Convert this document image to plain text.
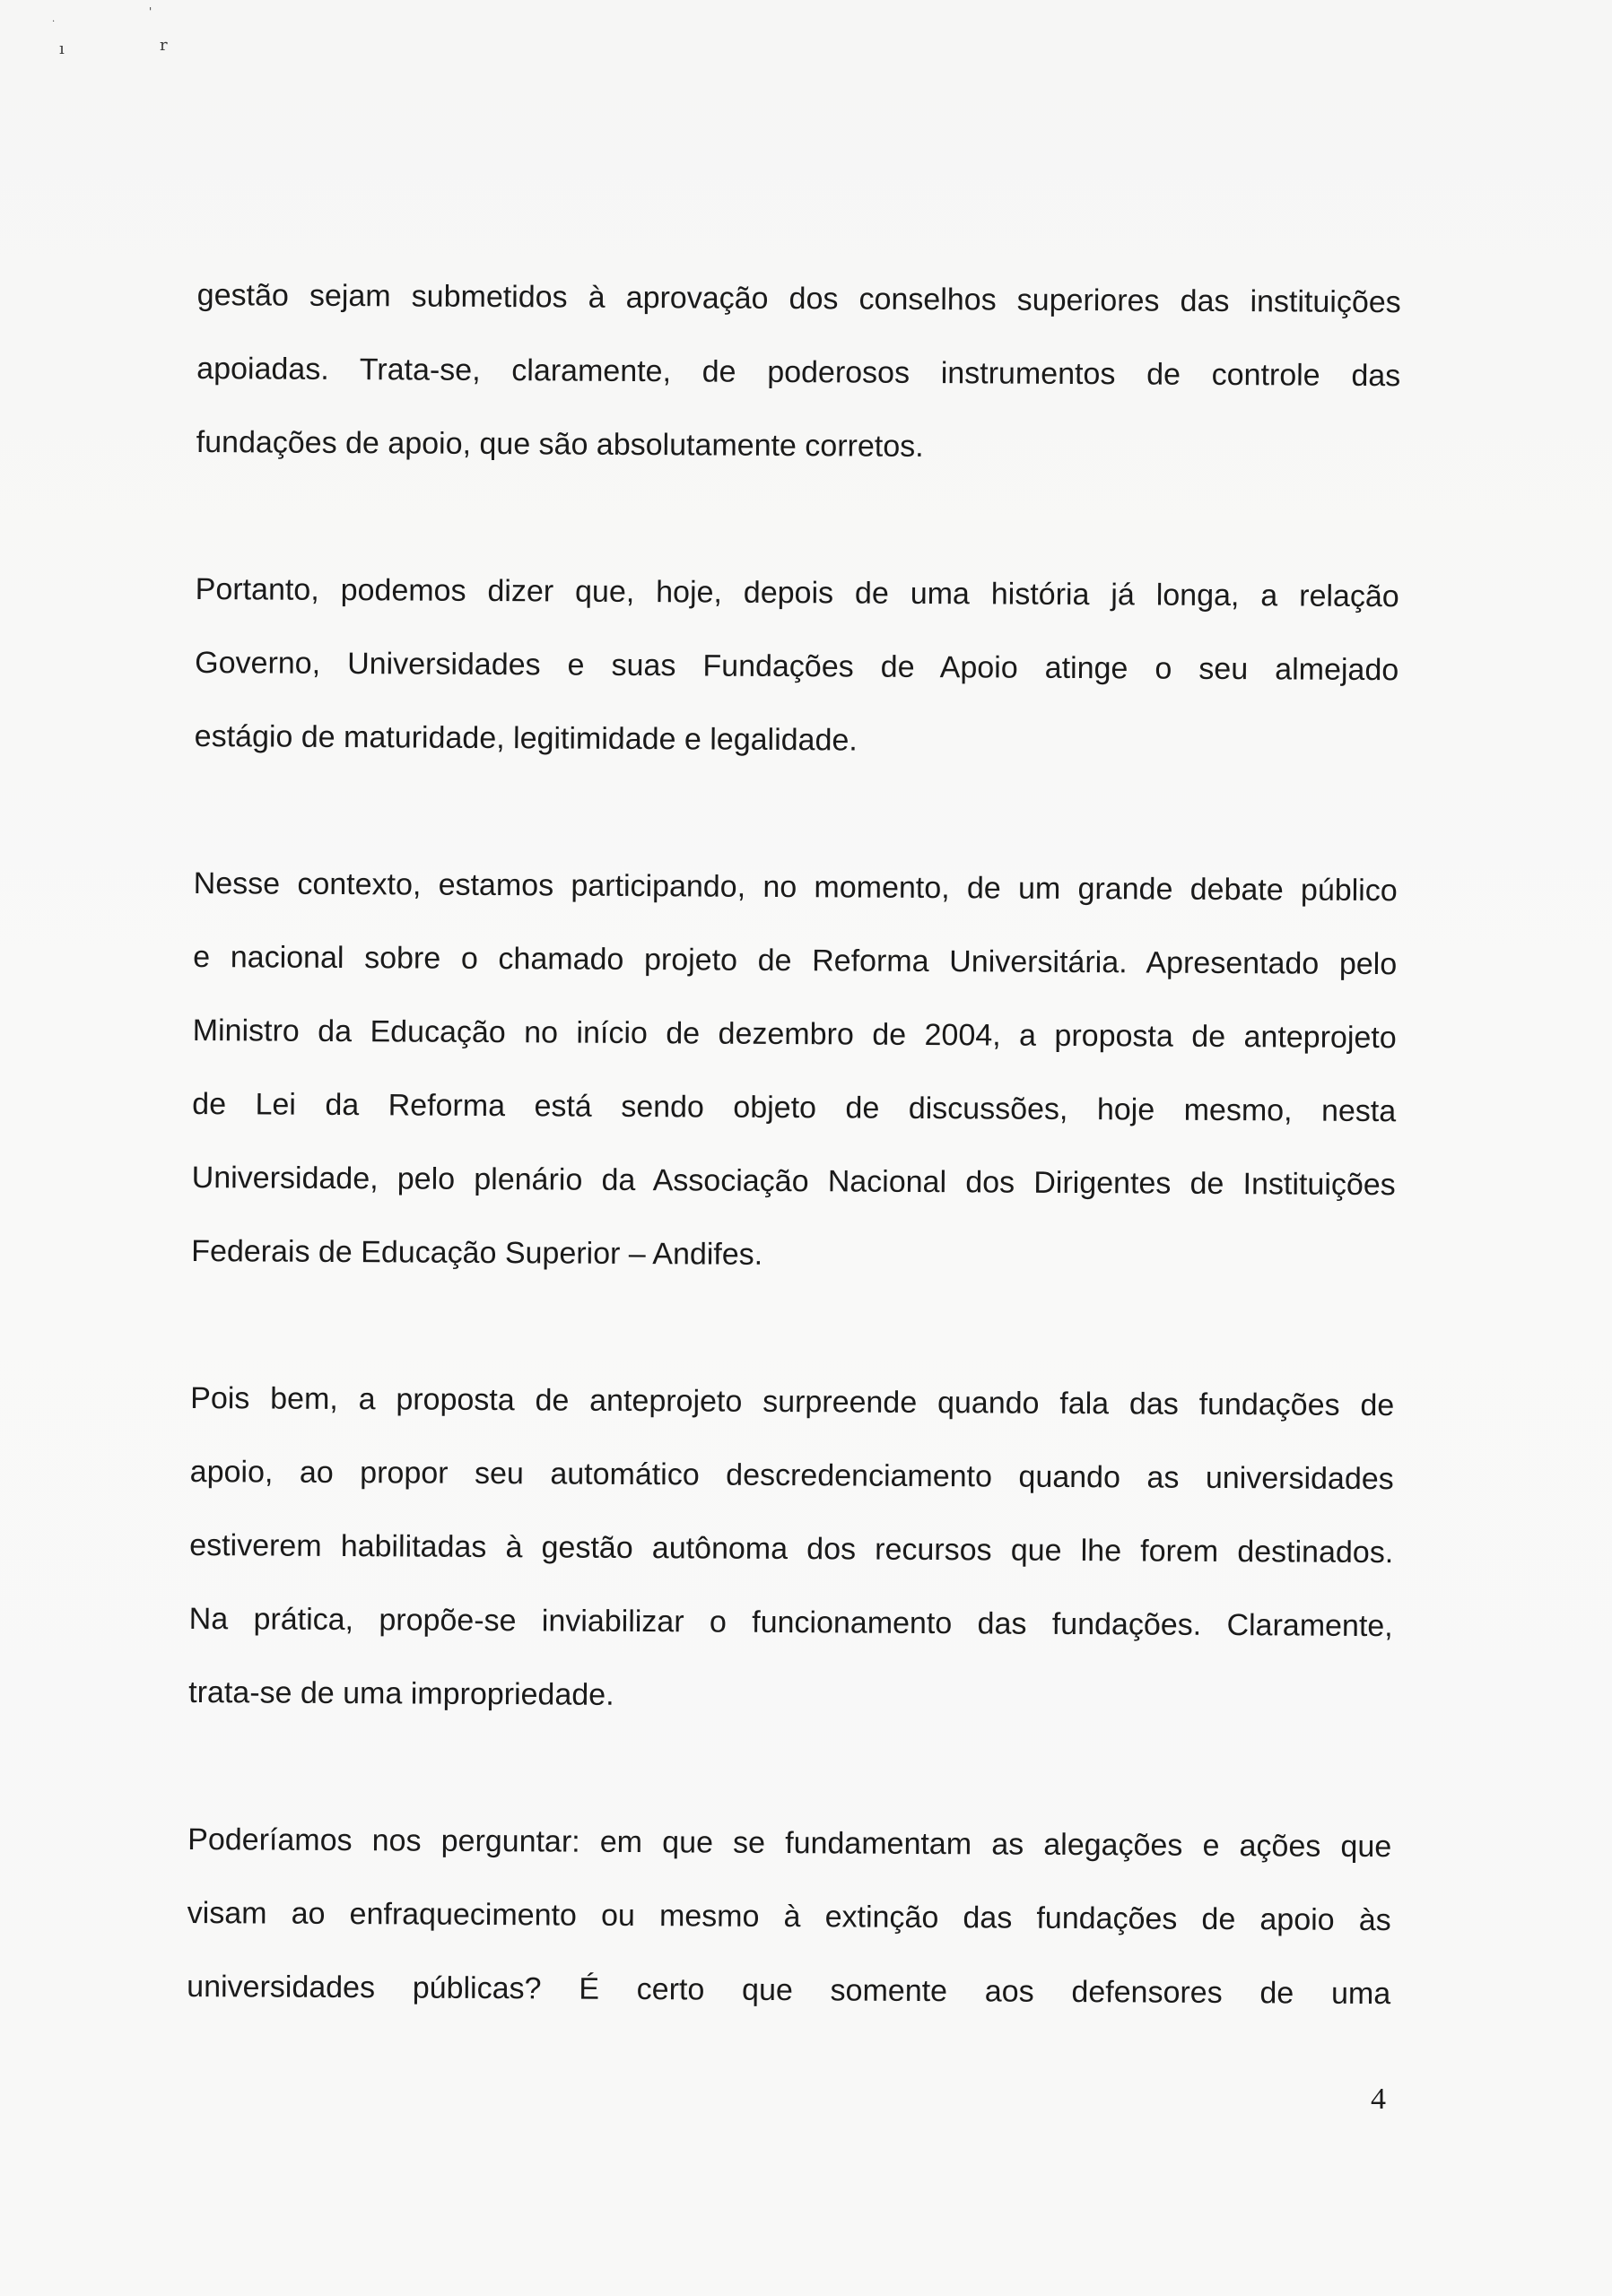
.
'
ı	r

gestão sejam submetidos à aprovação dos conselhos superiores das instituições
apoiadas. Trata-se, claramente, de poderosos instrumentos de controle das
fundações de apoio, que são absolutamente corretos.

Portanto, podemos dizer que, hoje, depois de uma história já longa, a relação
Governo, Universidades e suas Fundações de Apoio atinge o seu almejado
estágio de maturidade, legitimidade e legalidade.

Nesse contexto, estamos participando, no momento, de um grande debate público
e nacional sobre o chamado projeto de Reforma Universitária. Apresentado pelo
Ministro da Educação no início de dezembro de 2004, a proposta de anteprojeto
de Lei da Reforma está sendo objeto de discussões, hoje mesmo, nesta
Universidade, pelo plenário da Associação Nacional dos Dirigentes de Instituições
Federais de Educação Superior – Andifes.

Pois bem, a proposta de anteprojeto surpreende quando fala das fundações de
apoio, ao propor seu automático descredenciamento quando as universidades
estiverem habilitadas à gestão autônoma dos recursos que lhe forem destinados.
Na prática, propõe-se inviabilizar o funcionamento das fundações. Claramente,
trata-se de uma impropriedade.

Poderíamos nos perguntar: em que se fundamentam as alegações e ações que
visam ao enfraquecimento ou mesmo à extinção das fundações de apoio às
universidades públicas? É certo que somente aos defensores de uma

4
